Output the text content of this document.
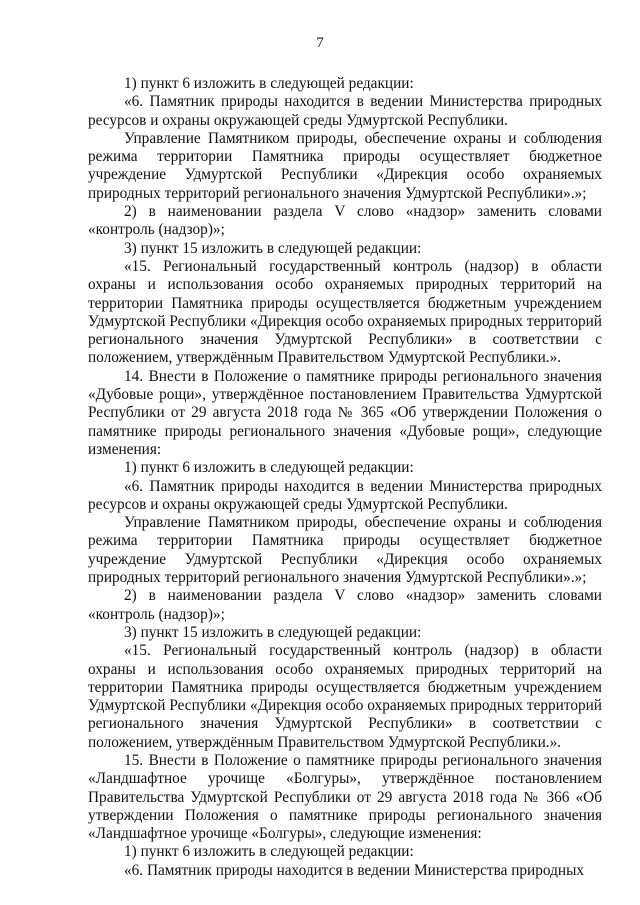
7

1) пункт 6 изложить в следующей редакции:

«6. Памятник природы находится в ведении Министерства природных ресурсов и охраны окружающей среды Удмуртской Республики.

Управление Памятником природы, обеспечение охраны и соблюдения режима территории Памятника природы осуществляет бюджетное учреждение Удмуртской Республики «Дирекция особо охраняемых природных территорий регионального значения Удмуртской Республики».»;

2) в наименовании раздела V слово «надзор» заменить словами «контроль (надзор)»;

3) пункт 15 изложить в следующей редакции:

«15. Региональный государственный контроль (надзор) в области охраны и использования особо охраняемых природных территорий на территории Памятника природы осуществляется бюджетным учреждением Удмуртской Республики «Дирекция особо охраняемых природных территорий регионального значения Удмуртской Республики» в соответствии с положением, утверждённым Правительством Удмуртской Республики.».

14. Внести в Положение о памятнике природы регионального значения «Дубовые рощи», утверждённое постановлением Правительства Удмуртской Республики от 29 августа 2018 года № 365 «Об утверждении Положения о памятнике природы регионального значения «Дубовые рощи», следующие изменения:

1) пункт 6 изложить в следующей редакции:

«6. Памятник природы находится в ведении Министерства природных ресурсов и охраны окружающей среды Удмуртской Республики.

Управление Памятником природы, обеспечение охраны и соблюдения режима территории Памятника природы осуществляет бюджетное учреждение Удмуртской Республики «Дирекция особо охраняемых природных территорий регионального значения Удмуртской Республики».»;

2) в наименовании раздела V слово «надзор» заменить словами «контроль (надзор)»;

3) пункт 15 изложить в следующей редакции:

«15. Региональный государственный контроль (надзор) в области охраны и использования особо охраняемых природных территорий на территории Памятника природы осуществляется бюджетным учреждением Удмуртской Республики «Дирекция особо охраняемых природных территорий регионального значения Удмуртской Республики» в соответствии с положением, утверждённым Правительством Удмуртской Республики.».

15. Внести в Положение о памятнике природы регионального значения «Ландшафтное урочище «Болгуры», утверждённое постановлением Правительства Удмуртской Республики от 29 августа 2018 года № 366 «Об утверждении Положения о памятнике природы регионального значения «Ландшафтное урочище «Болгуры», следующие изменения:

1) пункт 6 изложить в следующей редакции:

«6. Памятник природы находится в ведении Министерства природных
